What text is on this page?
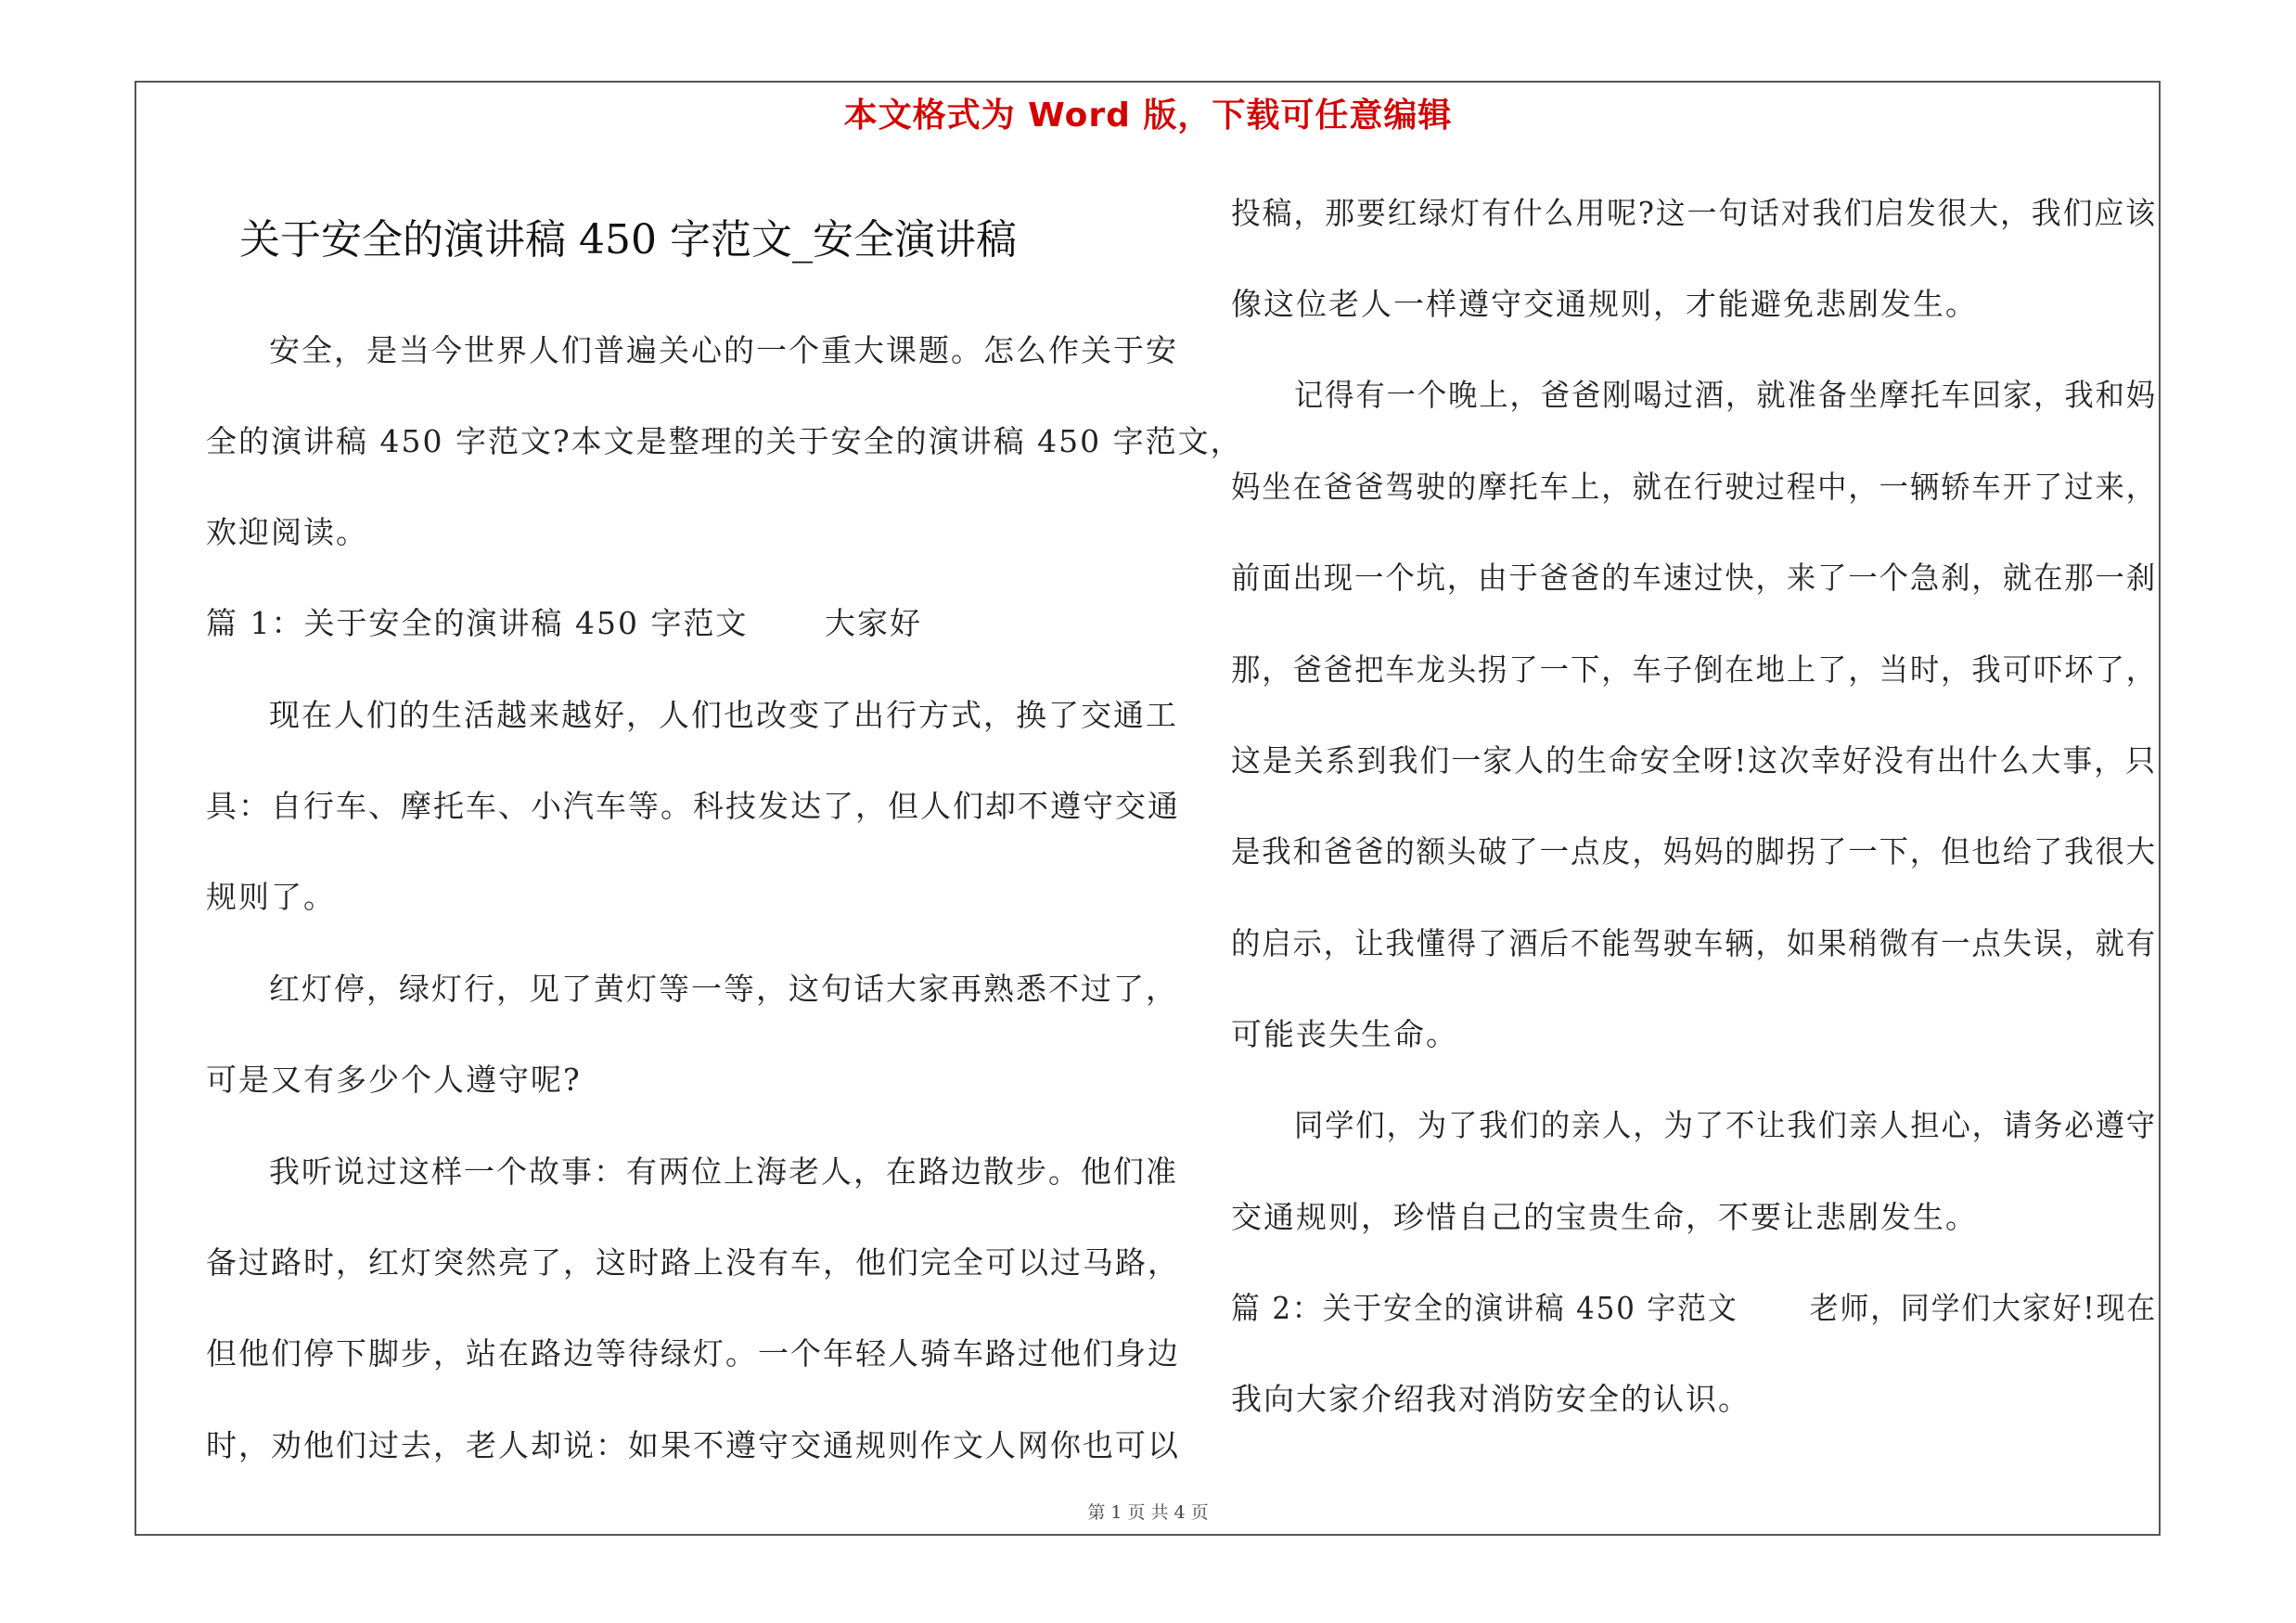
本文格式为 Word 版，下载可任意编辑
关于安全的演讲稿 450 字范文_安全演讲稿
安全，是当今世界人们普遍关心的一个重大课题。怎么作关于安
全的演讲稿 450 字范文?本文是整理的关于安全的演讲稿 450 字范文，
欢迎阅读。
篇 1：关于安全的演讲稿 450 字范文　　 大家好
现在人们的生活越来越好，人们也改变了出行方式，换了交通工
具：自行车、摩托车、小汽车等。科技发达了，但人们却不遵守交通
规则了。
红灯停，绿灯行，见了黄灯等一等，这句话大家再熟悉不过了，
可是又有多少个人遵守呢?
我听说过这样一个故事：有两位上海老人，在路边散步。他们准
备过路时，红灯突然亮了，这时路上没有车，他们完全可以过马路，
但他们停下脚步，站在路边等待绿灯。一个年轻人骑车路过他们身边
时，劝他们过去，老人却说：如果不遵守交通规则作文人网你也可以
投稿，那要红绿灯有什么用呢?这一句话对我们启发很大，我们应该
像这位老人一样遵守交通规则，才能避免悲剧发生。
记得有一个晚上，爸爸刚喝过酒，就准备坐摩托车回家，我和妈
妈坐在爸爸驾驶的摩托车上，就在行驶过程中，一辆轿车开了过来，
前面出现一个坑，由于爸爸的车速过快，来了一个急刹，就在那一刹
那，爸爸把车龙头拐了一下，车子倒在地上了，当时，我可吓坏了，
这是关系到我们一家人的生命安全呀!这次幸好没有出什么大事，只
是我和爸爸的额头破了一点皮，妈妈的脚拐了一下，但也给了我很大
的启示，让我懂得了酒后不能驾驶车辆，如果稍微有一点失误，就有
可能丧失生命。
同学们，为了我们的亲人，为了不让我们亲人担心，请务必遵守
交通规则，珍惜自己的宝贵生命，不要让悲剧发生。
篇 2：关于安全的演讲稿 450 字范文　　 老师，同学们大家好!现在
我向大家介绍我对消防安全的认识。
第 1 页 共 4 页
